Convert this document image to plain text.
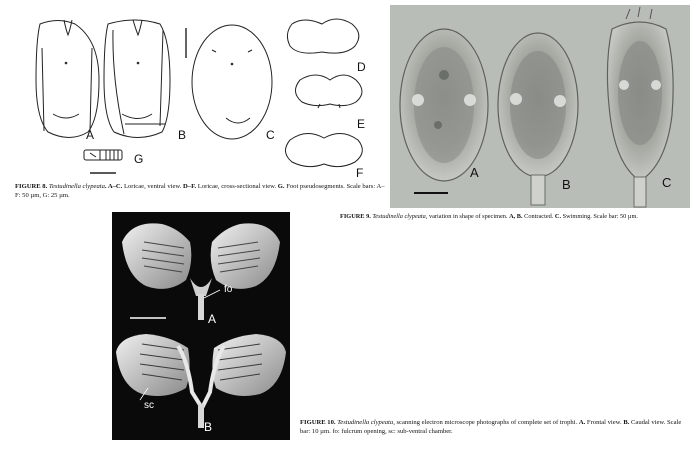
A	B	C
D
E
F
G
FIGURE 8. Testudinella clypeata. A–C. Loricae, ventral view. D–F. Loricae, cross-sectional view. G. Foot pseudosegments. Scale bars: A–F: 50 µm, G: 25 µm.
A
B	C
FIGURE 9. Testudinella clypeata, variation in shape of specimen. A, B. Contracted. C. Swimming. Scale bar: 50 µm.
fo
A
sc
B	FIGURE 10. Testudinella clypeata, scanning electron microscope photographs of complete set of trophi. A. Frontal view. B. Caudal view. Scale bar: 10 µm. fo: fulcrum opening, sc: sub-ventral chamber.
